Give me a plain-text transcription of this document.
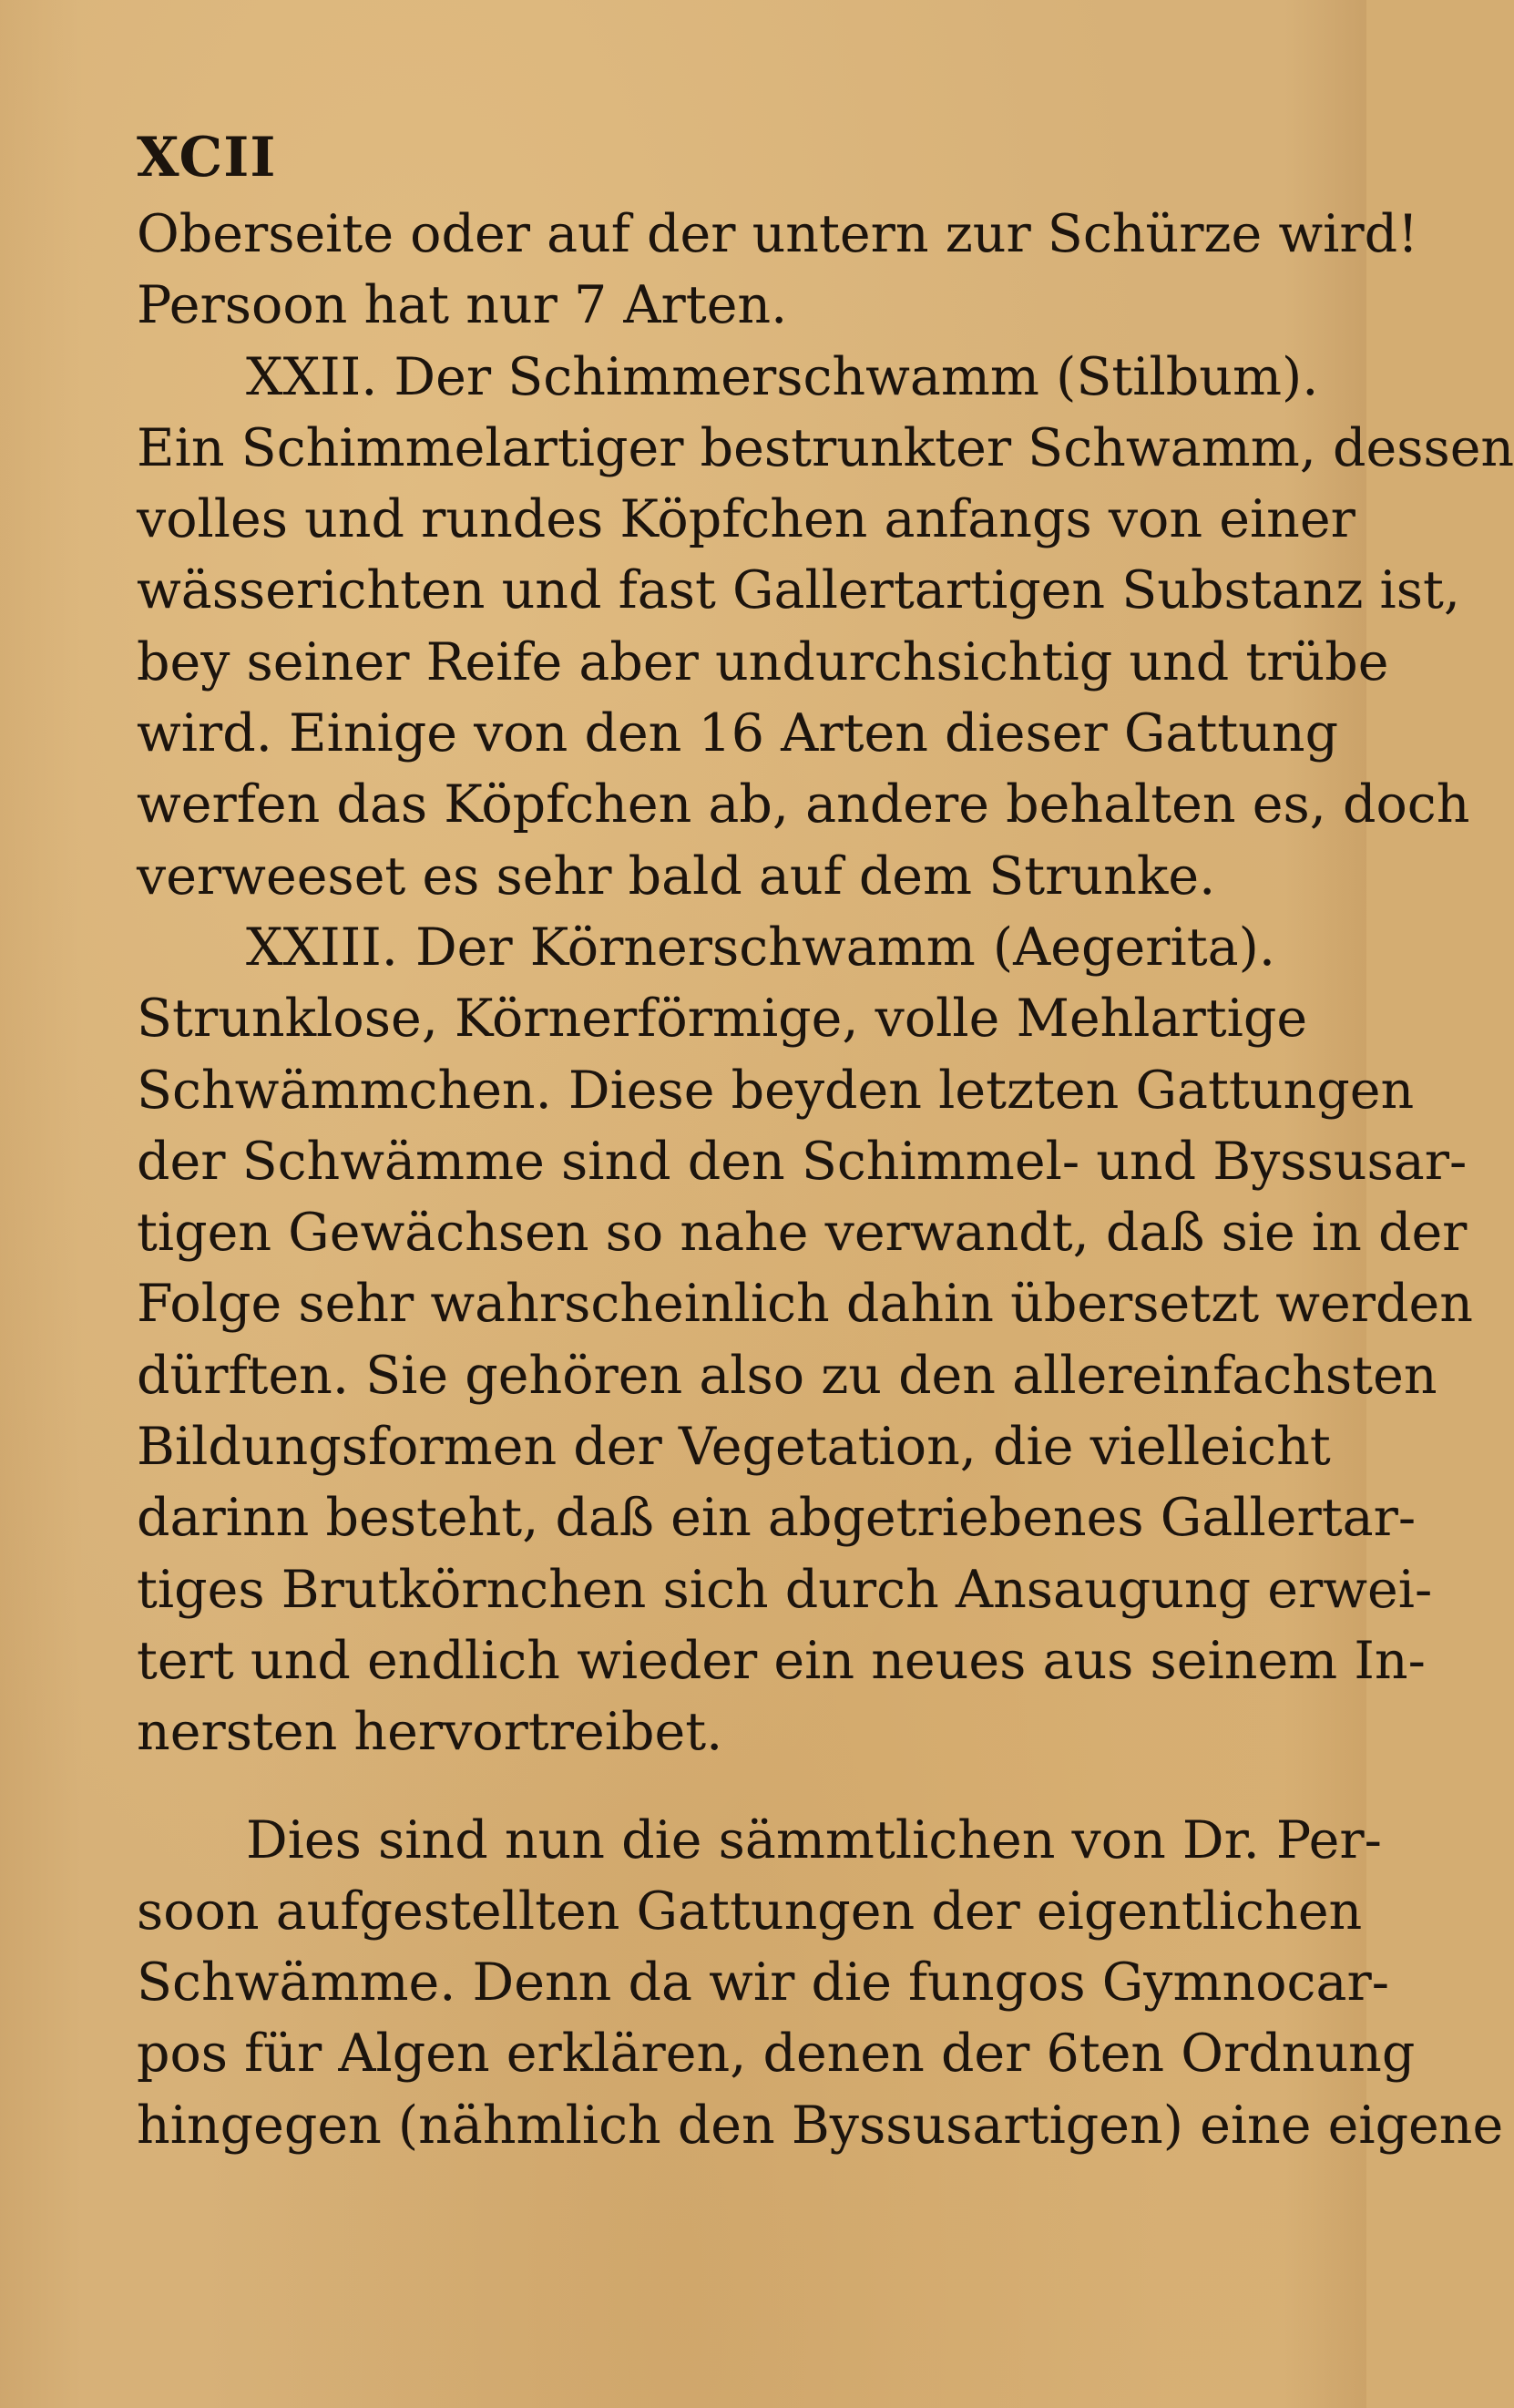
XCII
Oberseite oder auf der untern zur Schürze wird!
Persoon hat nur 7 Arten.
XXII. Der Schimmerschwamm (Stilbum).
Ein Schimmelartiger bestrunkter Schwamm, dessen
volles und rundes Köpfchen anfangs von einer
wässerichten und fast Gallertartigen Substanz ist,
bey seiner Reife aber undurchsichtig und trübe
wird. Einige von den 16 Arten dieser Gattung
werfen das Köpfchen ab, andere behalten es, doch
verweeset es sehr bald auf dem Strunke.
XXIII. Der Körnerschwamm (Aegerita).
Strunklose, Körnerförmige, volle Mehlartige
Schwämmchen. Diese beyden letzten Gattungen
der Schwämme sind den Schimmel- und Byssusar-
tigen Gewächsen so nahe verwandt, daß sie in der
Folge sehr wahrscheinlich dahin übersetzt werden
dürften. Sie gehören also zu den allereinfachsten
Bildungsformen der Vegetation, die vielleicht
darinn besteht, daß ein abgetriebenes Gallertar-
tiges Brutkörnchen sich durch Ansaugung erwei-
tert und endlich wieder ein neues aus seinem In-
nersten hervortreibet.
Dies sind nun die sämmtlichen von Dr. Per-
soon aufgestellten Gattungen der eigentlichen
Schwämme. Denn da wir die fungos Gymnocar-
pos für Algen erklären, denen der 6ten Ordnung
hingegen (nähmlich den Byssusartigen) eine eigene
